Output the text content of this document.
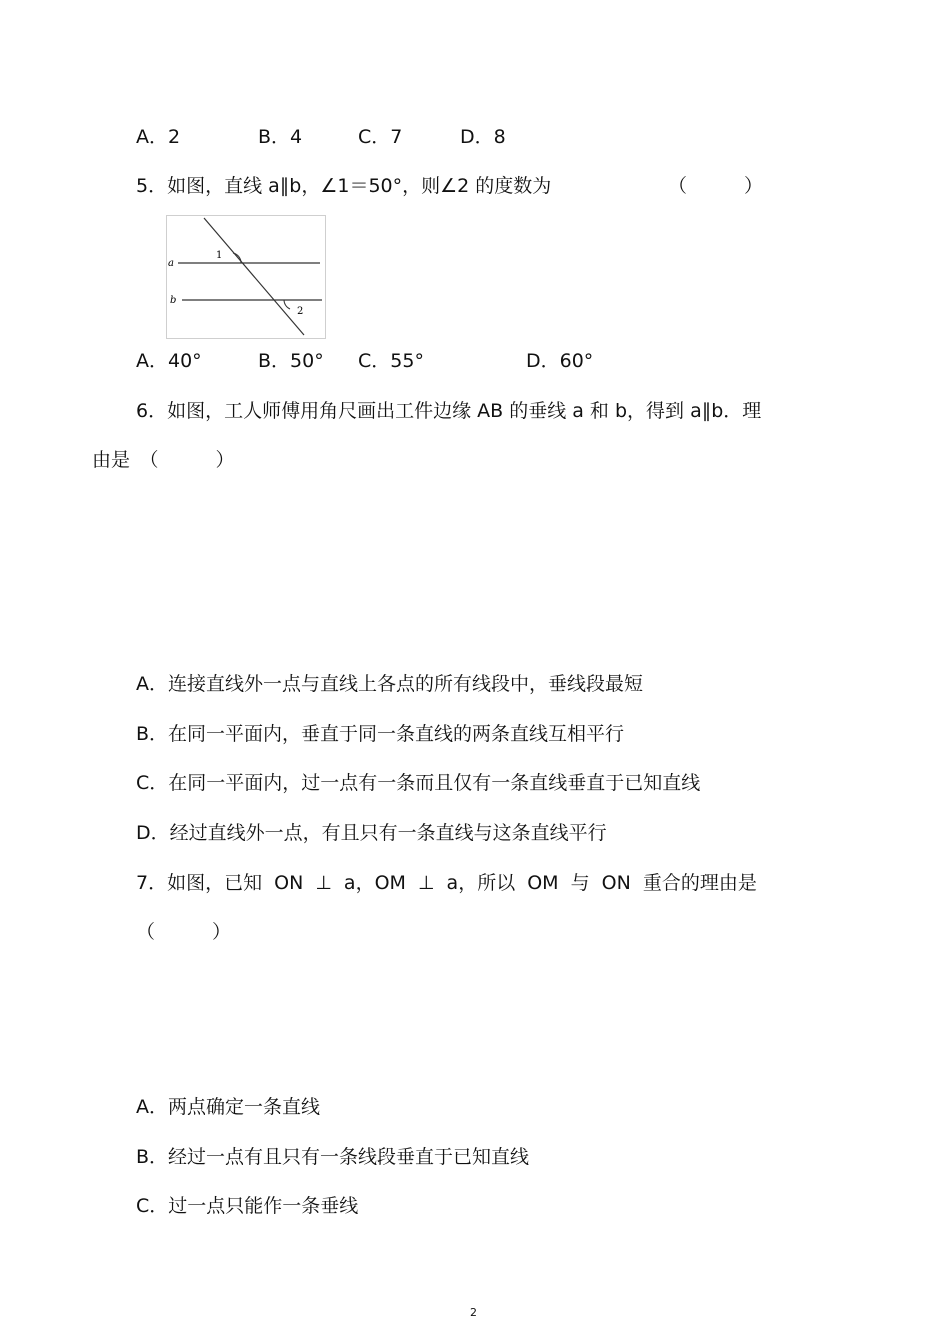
A．2	B．4	C．7	D．8
5．如图，直线 a∥b，∠1＝50°，则∠2 的度数为	（　　　）
a
b
1
2
A．40°	B．50° C．55°	D．60°
6．如图，工人师傅用角尺画出工件边缘 AB 的垂线 a 和 b，得到 a∥b．理
由是　（　　　）
A．连接直线外一点与直线上各点的所有线段中，垂线段最短
B．在同一平面内，垂直于同一条直线的两条直线互相平行
C．在同一平面内，过一点有一条而且仅有一条直线垂直于已知直线
D．经过直线外一点，有且只有一条直线与这条直线平行
7．如图，已知 ON ⊥ a，OM ⊥ a，所以 OM 与 ON 重合的理由是
（　　　）
A．两点确定一条直线
B．经过一点有且只有一条线段垂直于已知直线
C．过一点只能作一条垂线
2
